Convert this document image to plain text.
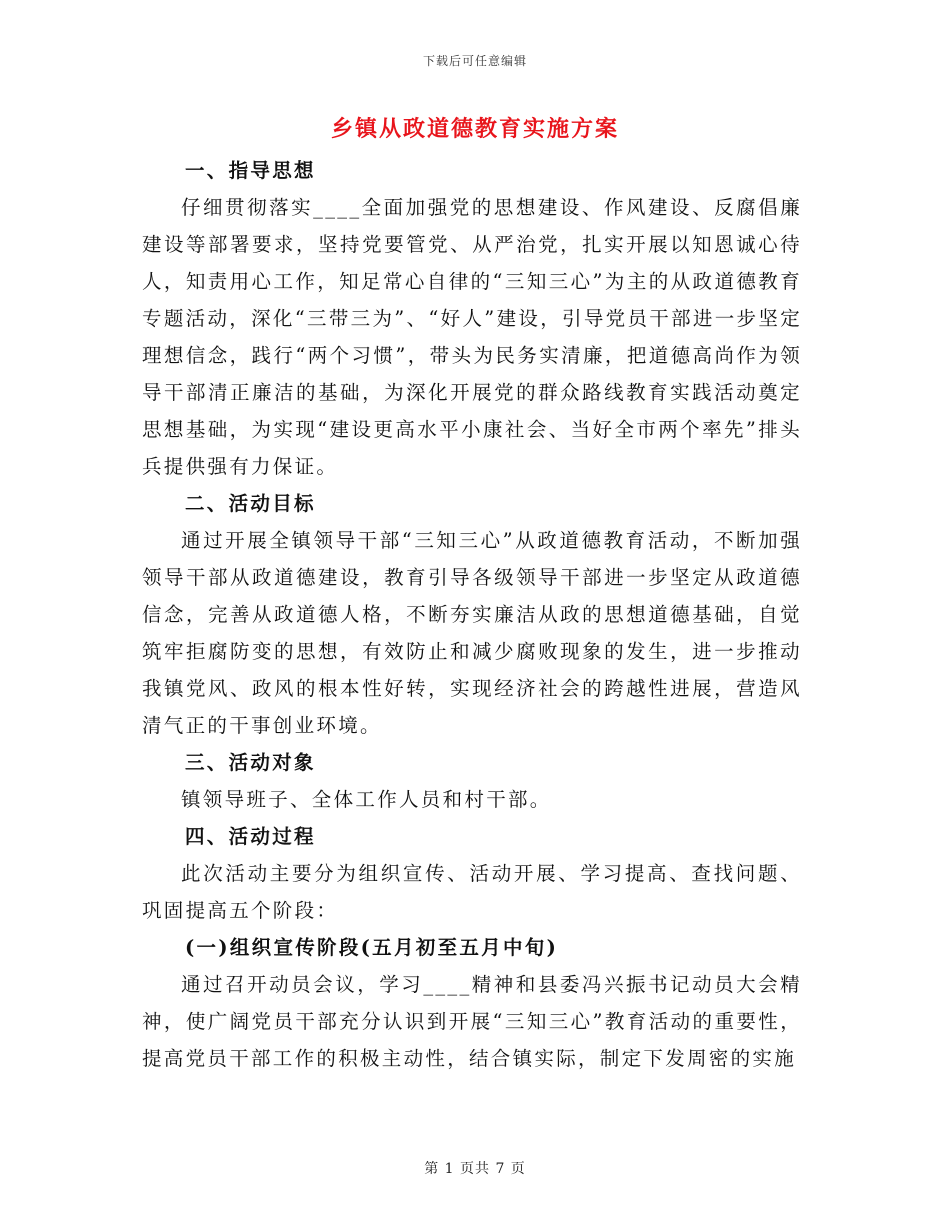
下载后可任意编辑
乡镇从政道德教育实施方案

一、指导思想

仔细贯彻落实____全面加强党的思想建设、作风建设、反腐倡廉建设等部署要求，坚持党要管党、从严治党，扎实开展以知恩诚心待人，知责用心工作，知足常心自律的“三知三心”为主的从政道德教育专题活动，深化“三带三为”、“好人”建设，引导党员干部进一步坚定理想信念，践行“两个习惯”，带头为民务实清廉，把道德高尚作为领导干部清正廉洁的基础，为深化开展党的群众路线教育实践活动奠定思想基础，为实现“建设更高水平小康社会、当好全市两个率先”排头兵提供强有力保证。

二、活动目标

通过开展全镇领导干部“三知三心”从政道德教育活动，不断加强领导干部从政道德建设，教育引导各级领导干部进一步坚定从政道德信念，完善从政道德人格，不断夯实廉洁从政的思想道德基础，自觉筑牢拒腐防变的思想，有效防止和减少腐败现象的发生，进一步推动我镇党风、政风的根本性好转，实现经济社会的跨越性进展，营造风清气正的干事创业环境。

三、活动对象

镇领导班子、全体工作人员和村干部。

四、活动过程

此次活动主要分为组织宣传、活动开展、学习提高、查找问题、巩固提高五个阶段：

(一)组织宣传阶段(五月初至五月中旬)

通过召开动员会议，学习____精神和县委冯兴振书记动员大会精神，使广阔党员干部充分认识到开展“三知三心”教育活动的重要性，提高党员干部工作的积极主动性，结合镇实际，制定下发周密的实施

第 1 页共 7 页
